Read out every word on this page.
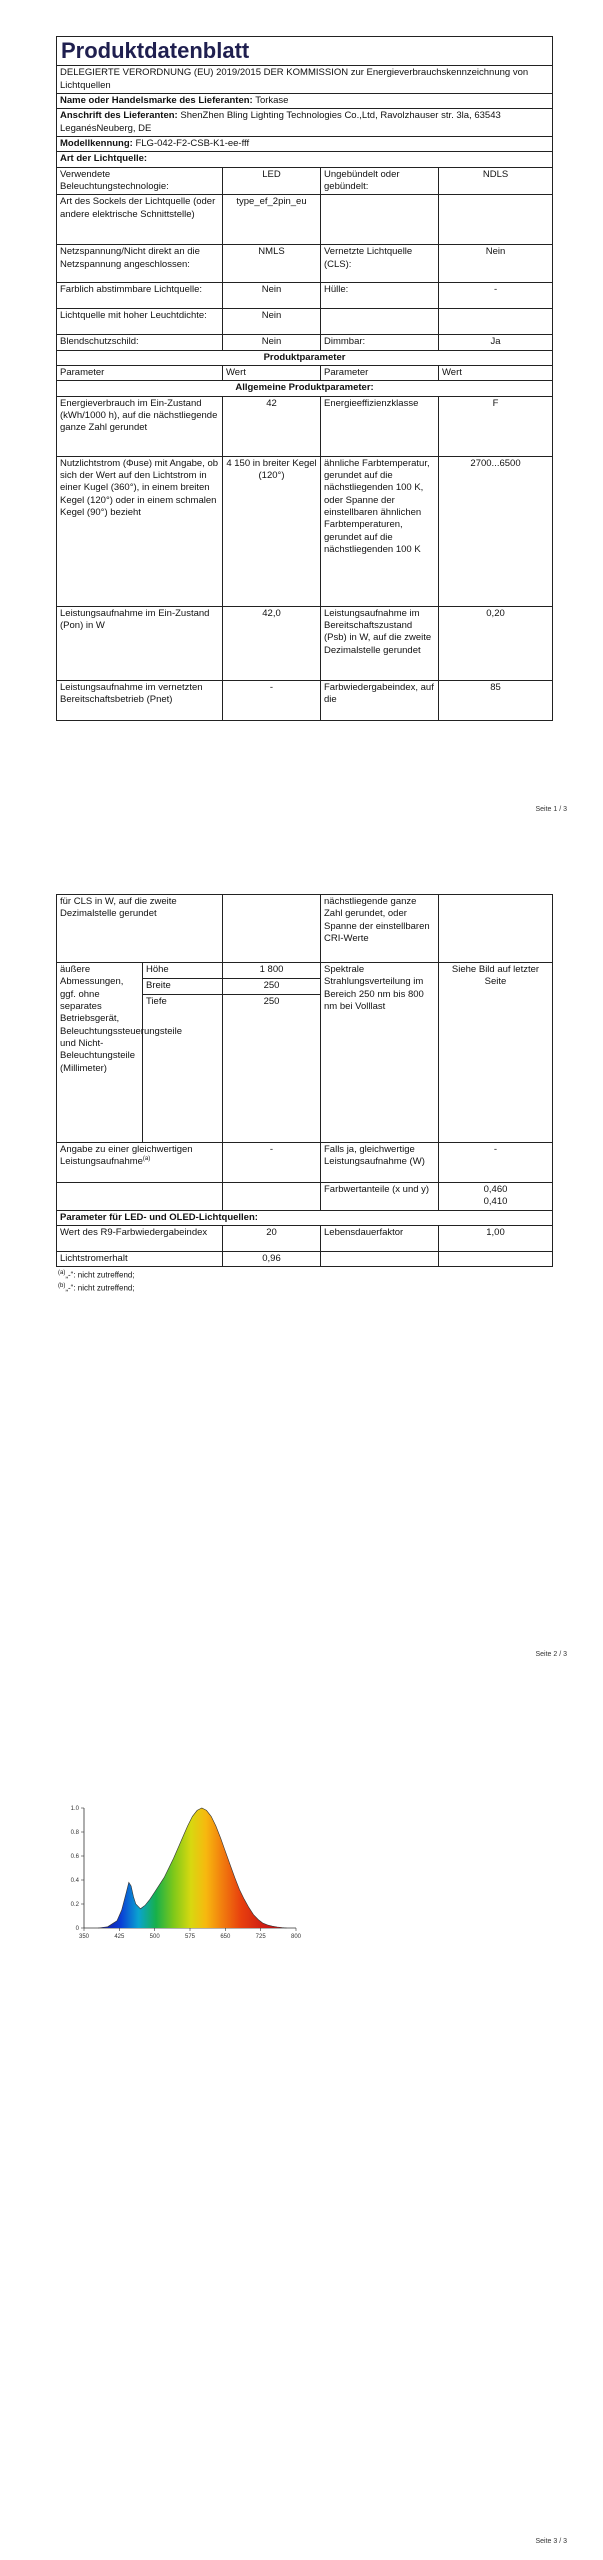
Produktdatenblatt			
DELEGIERTE VERORDNUNG (EU) 2019/2015 DER KOMMISSION zur Energieverbrauchskennzeichnung von Lichtquellen			
Name oder Handelsmarke des Lieferanten: Torkase			
Anschrift des Lieferanten: ShenZhen Bling Lighting Technologies Co.,Ltd, Ravolzhauser str. 3la, 63543 LeganésNeuberg, DE			
Modellkennung: FLG-042-F2-CSB-K1-ee-fff			
Art der Lichtquelle:			
Verwendete Beleuchtungstechnologie:	LED	Ungebündelt oder gebündelt:	NDLS
Art des Sockels der Lichtquelle (oder andere elektrische Schnittstelle)	type_ef_2pin_eu		
Netzspannung/Nicht direkt an die Netzspannung angeschlossen:	NMLS	Vernetzte Lichtquelle (CLS):	Nein
Farblich abstimmbare Lichtquelle:	Nein	Hülle:	-
Lichtquelle mit hoher Leuchtdichte:	Nein		
Blendschutzschild:	Nein	Dimmbar:	Ja
Produktparameter			
Parameter	Wert	Parameter	Wert
Allgemeine Produktparameter:			
Energieverbrauch im Ein-Zustand (kWh/1000 h), auf die nächstliegende ganze Zahl gerundet	42	Energieeffizienzklasse	F
Nutzlichtstrom (Φuse) mit Angabe, ob sich der Wert auf den Lichtstrom in einer Kugel (360°), in einem breiten Kegel (120°) oder in einem schmalen Kegel (90°) bezieht	4 150 in breiter Kegel (120°)	ähnliche Farbtemperatur, gerundet auf die nächstliegenden 100 K, oder Spanne der einstellbaren ähnlichen Farbtemperaturen, gerundet auf die nächstliegenden 100 K	2700...6500
Leistungsaufnahme im Ein-Zustand (Pon) in W	42,0	Leistungsaufnahme im Bereitschaftszustand (Psb) in W, auf die zweite Dezimalstelle gerundet	0,20
Leistungsaufnahme im vernetzten Bereitschaftsbetrieb (Pnet)	-	Farbwiedergabeindex, auf die	85
Seite 1 / 3
für CLS in W, auf die zweite Dezimalstelle gerundet			nächstliegende ganze Zahl gerundet, oder Spanne der einstellbaren CRI-Werte	
äußere Abmessungen, ggf. ohne separates Betriebsgerät, Beleuchtungssteuerungsteile und Nicht-Beleuchtungsteile (Millimeter)	Höhe	1 800	Spektrale Strahlungsverteilung im Bereich 250 nm bis 800 nm bei Volllast	Siehe Bild auf letzter Seite
	Breite	250		
	Tiefe	250		
Angabe zu einer gleichwertigen Leistungsaufnahme$^{(a)}$		-	Falls ja, gleichwertige Leistungsaufnahme (W)	-
			Farbwertanteile (x und y)	0,460
0,410

Parameter für LED- und OLED-Lichtquellen:				
Wert des R9-Farbwiedergabeindex		20	Lebensdauerfaktor	1,00
Lichtstromerhalt		0,96		
$^{(a)}$„-“: nicht zutreffend;
$^{(b)}$„-“: nicht zutreffend;
Seite 2 / 3
350	425	500	575	650	725	800
0
0.2
0.4
0.6
0.8
1.0
Seite 3 / 3
